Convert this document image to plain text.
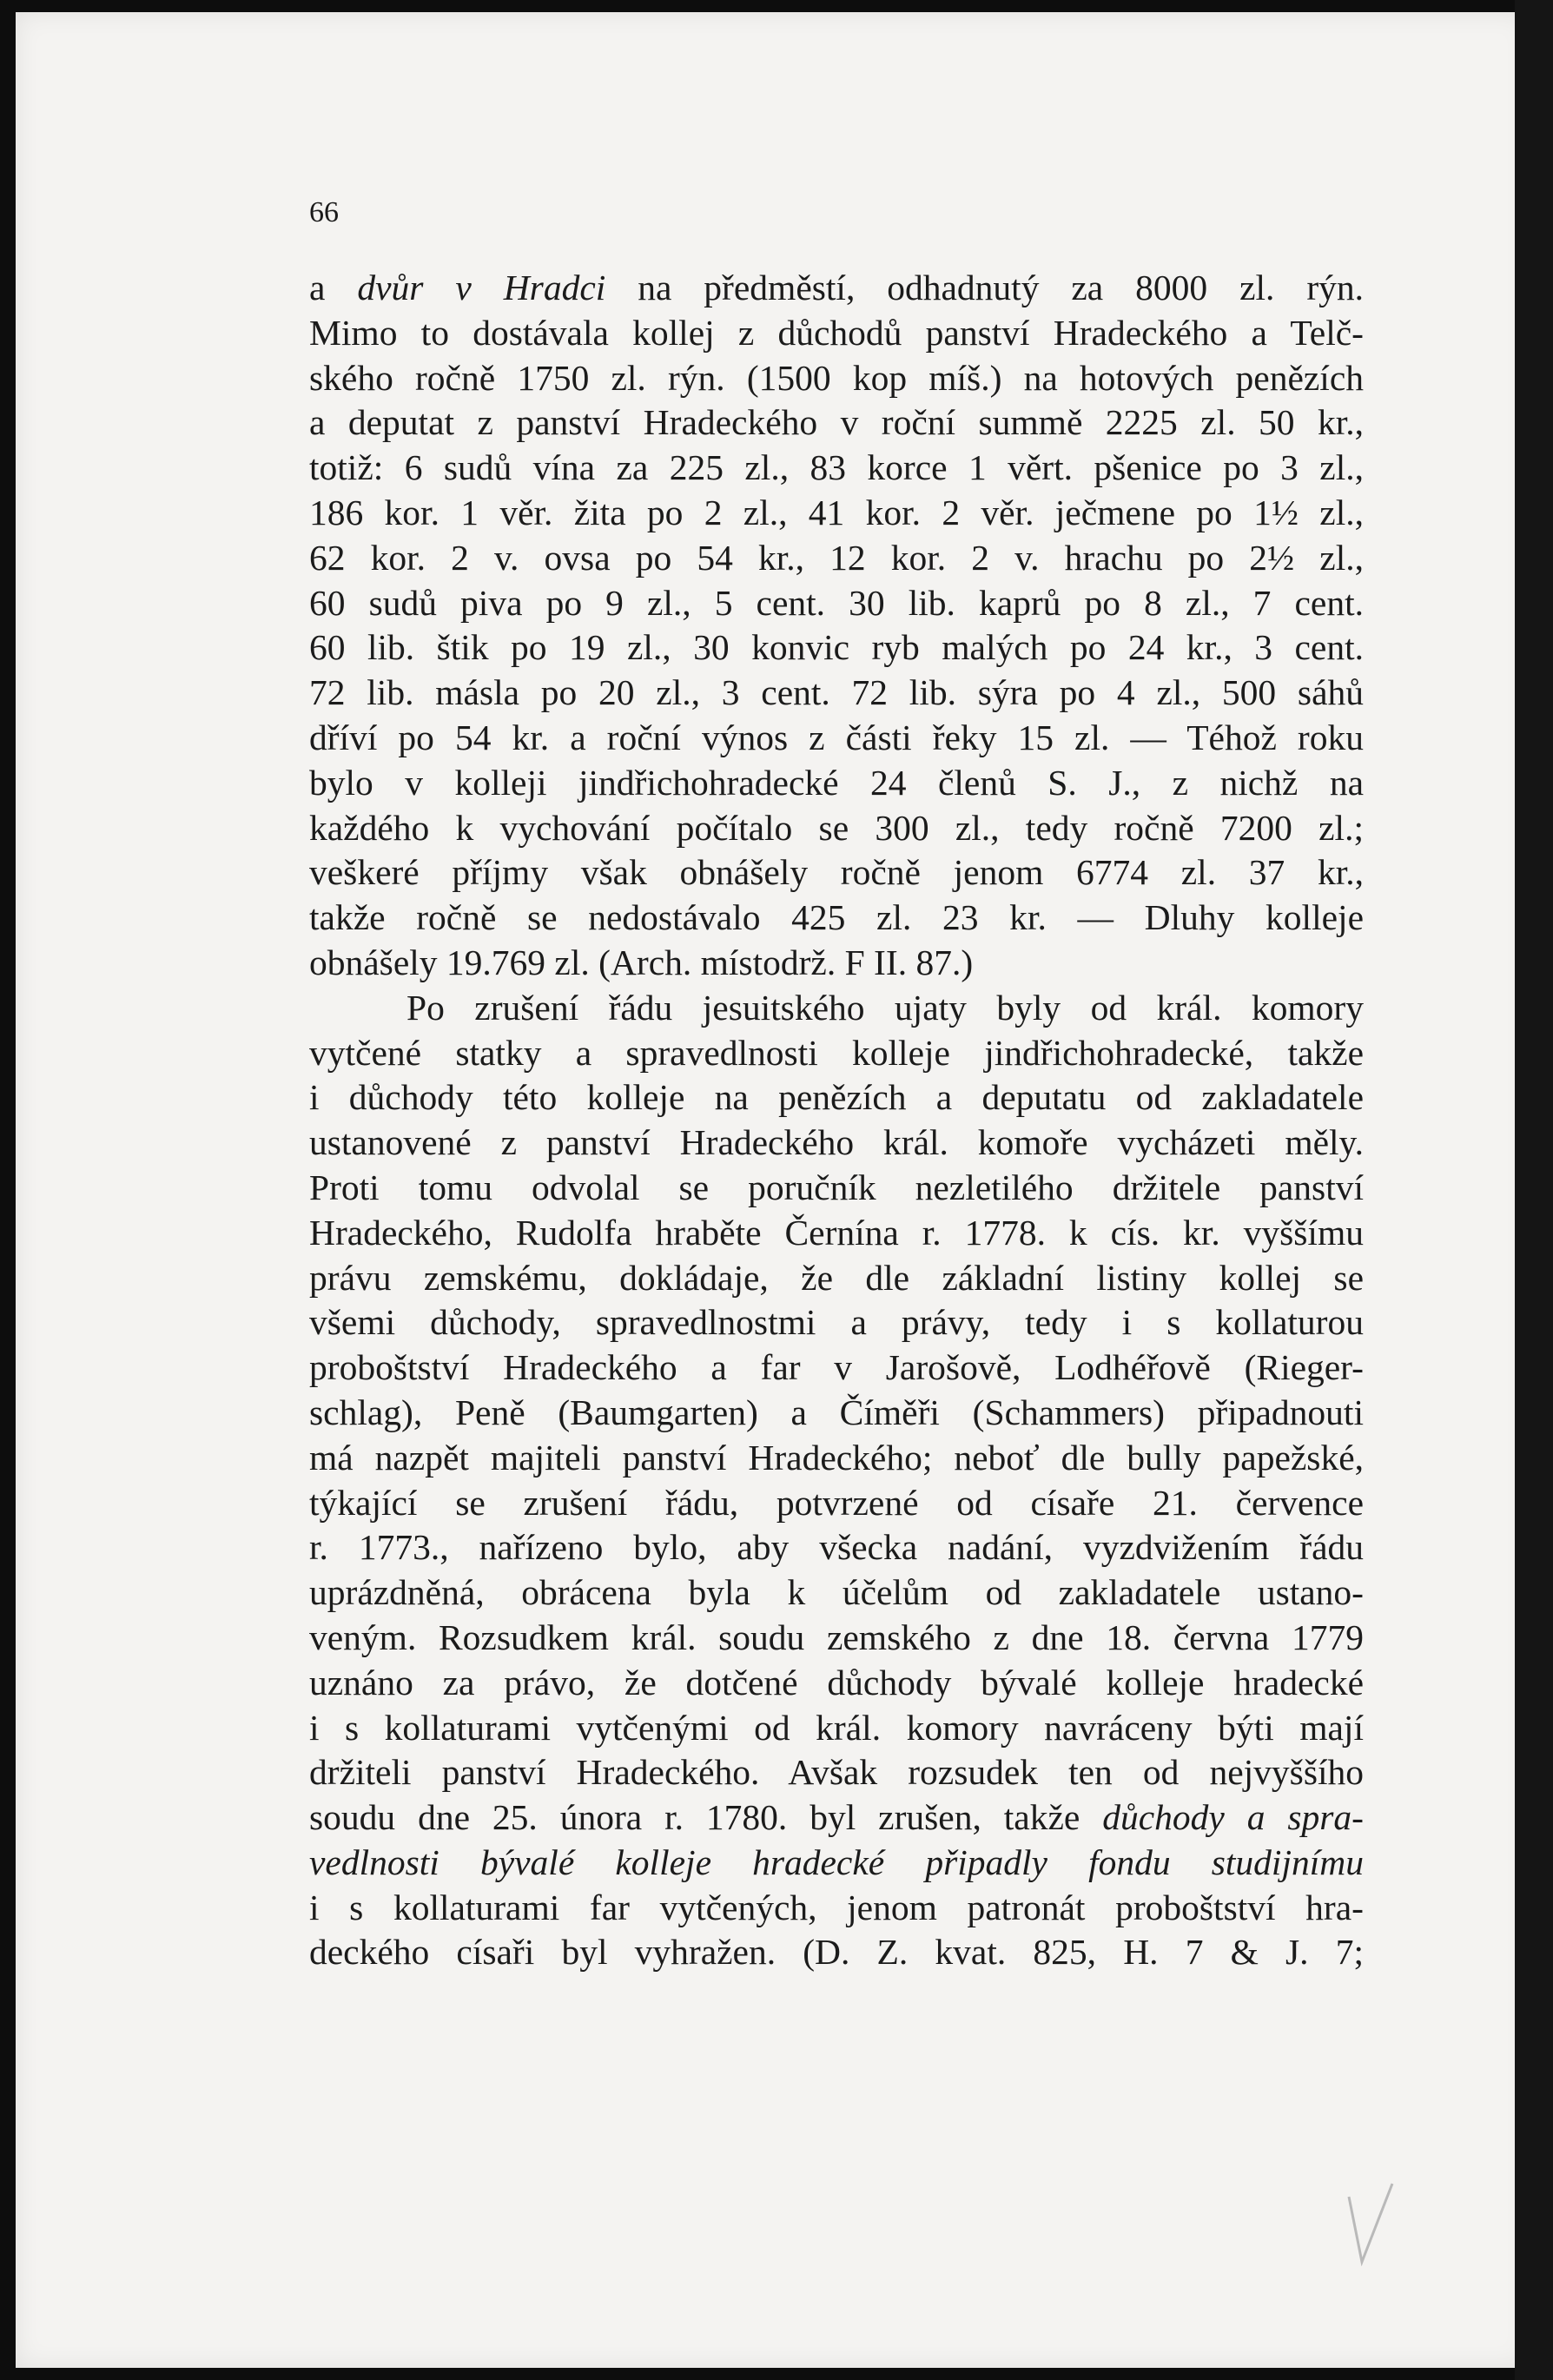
66
a dvůr v Hradci na předměstí, odhadnutý za 8000 zl. rýn.
Mimo to dostávala kollej z důchodů panství Hradeckého a Telč-
ského ročně 1750 zl. rýn. (1500 kop míš.) na hotových penězích
a deputat z panství Hradeckého v roční summě 2225 zl. 50 kr.,
totiž: 6 sudů vína za 225 zl., 83 korce 1 věrt. pšenice po 3 zl.,
186 kor. 1 věr. žita po 2 zl., 41 kor. 2 věr. ječmene po 1½ zl.,
62 kor. 2 v. ovsa po 54 kr., 12 kor. 2 v. hrachu po 2½ zl.,
60 sudů piva po 9 zl., 5 cent. 30 lib. kaprů po 8 zl., 7 cent.
60 lib. štik po 19 zl., 30 konvic ryb malých po 24 kr., 3 cent.
72 lib. másla po 20 zl., 3 cent. 72 lib. sýra po 4 zl., 500 sáhů
dříví po 54 kr. a roční výnos z části řeky 15 zl. — Téhož roku
bylo v kolleji jindřichohradecké 24 členů S. J., z nichž na
každého k vychování počítalo se 300 zl., tedy ročně 7200 zl.;
veškeré příjmy však obnášely ročně jenom 6774 zl. 37 kr.,
takže ročně se nedostávalo 425 zl. 23 kr. — Dluhy kolleje
obnášely 19.769 zl. (Arch. místodrž. F II. 87.)
Po zrušení řádu jesuitského ujaty byly od král. komory
vytčené statky a spravedlnosti kolleje jindřichohradecké, takže
i důchody této kolleje na penězích a deputatu od zakladatele
ustanovené z panství Hradeckého král. komoře vycházeti měly.
Proti tomu odvolal se poručník nezletilého držitele panství
Hradeckého, Rudolfa hraběte Černína r. 1778. k cís. kr. vyššímu
právu zemskému, dokládaje, že dle základní listiny kollej se
všemi důchody, spravedlnostmi a právy, tedy i s kollaturou
proboštství Hradeckého a far v Jarošově, Lodhéřově (Rieger-
schlag), Peně (Baumgarten) a Číměři (Schammers) připadnouti
má nazpět majiteli panství Hradeckého; neboť dle bully papežské,
týkající se zrušení řádu, potvrzené od císaře 21. července
r. 1773., nařízeno bylo, aby všecka nadání, vyzdvižením řádu
uprázdněná, obrácena byla k účelům od zakladatele ustano-
veným. Rozsudkem král. soudu zemského z dne 18. června 1779
uznáno za právo, že dotčené důchody bývalé kolleje hradecké
i s kollaturami vytčenými od král. komory navráceny býti mají
držiteli panství Hradeckého. Avšak rozsudek ten od nejvyššího
soudu dne 25. února r. 1780. byl zrušen, takže důchody a spra-
vedlnosti bývalé kolleje hradecké připadly fondu studijnímu
i s kollaturami far vytčených, jenom patronát proboštství hra-
deckého císaři byl vyhražen. (D. Z. kvat. 825, H. 7 & J. 7;
